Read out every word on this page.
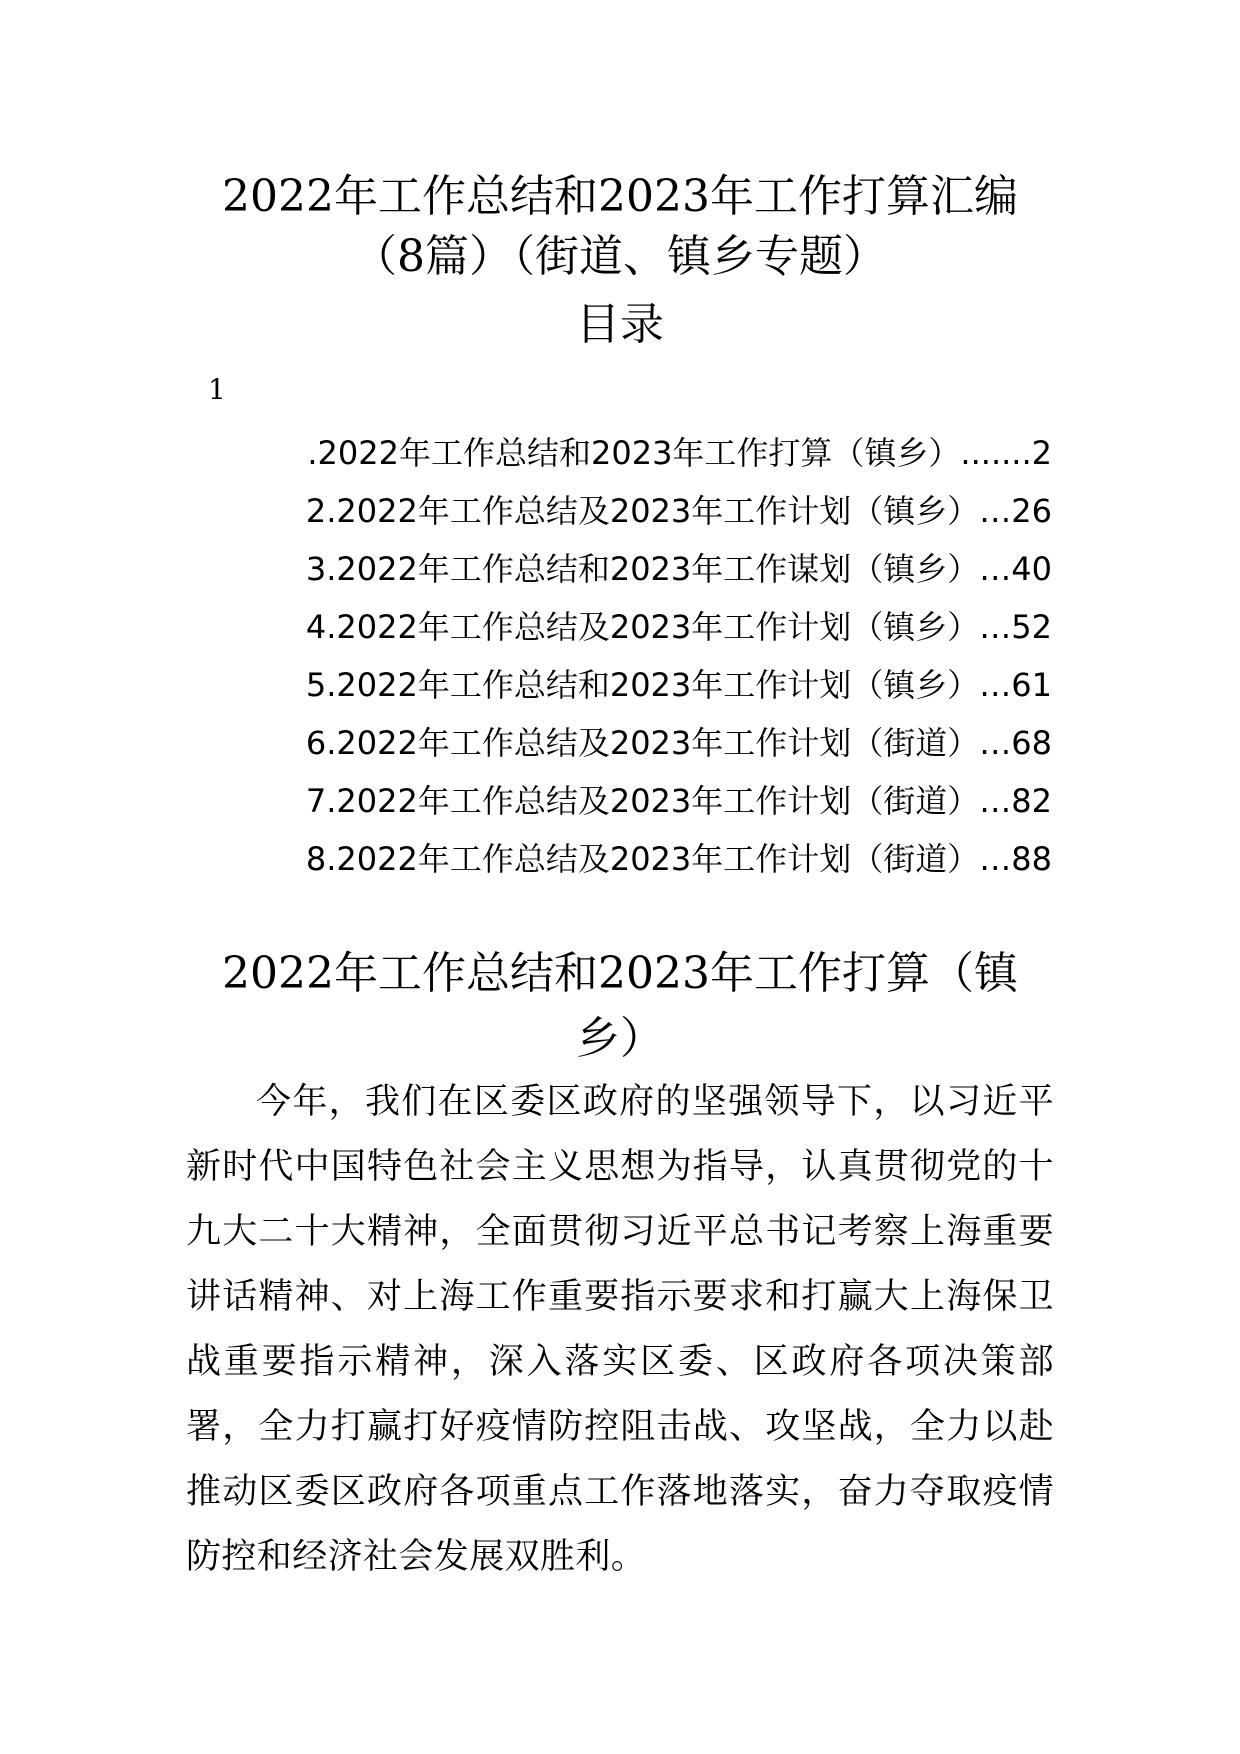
2022年工作总结和2023年工作打算汇编
（8篇）（街道、镇乡专题）
目录
1
.2022年工作总结和2023年工作打算（镇乡）.......2
2.2022年工作总结及2023年工作计划（镇乡）…26
3.2022年工作总结和2023年工作谋划（镇乡）…40
4.2022年工作总结及2023年工作计划（镇乡）…52
5.2022年工作总结和2023年工作计划（镇乡）…61
6.2022年工作总结及2023年工作计划（街道）…68
7.2022年工作总结及2023年工作计划（街道）…82
8.2022年工作总结及2023年工作计划（街道）…88
2022年工作总结和2023年工作打算（镇
乡）

今年，我们在区委区政府的坚强领导下，以习近平新时代中国特色社会主义思想为指导，认真贯彻党的十九大二十大精神，全面贯彻习近平总书记考察上海重要讲话精神、对上海工作重要指示要求和打赢大上海保卫战重要指示精神，深入落实区委、区政府各项决策部署，全力打赢打好疫情防控阻击战、攻坚战，全力以赴推动区委区政府各项重点工作落地落实，奋力夺取疫情防控和经济社会发展双胜利。
